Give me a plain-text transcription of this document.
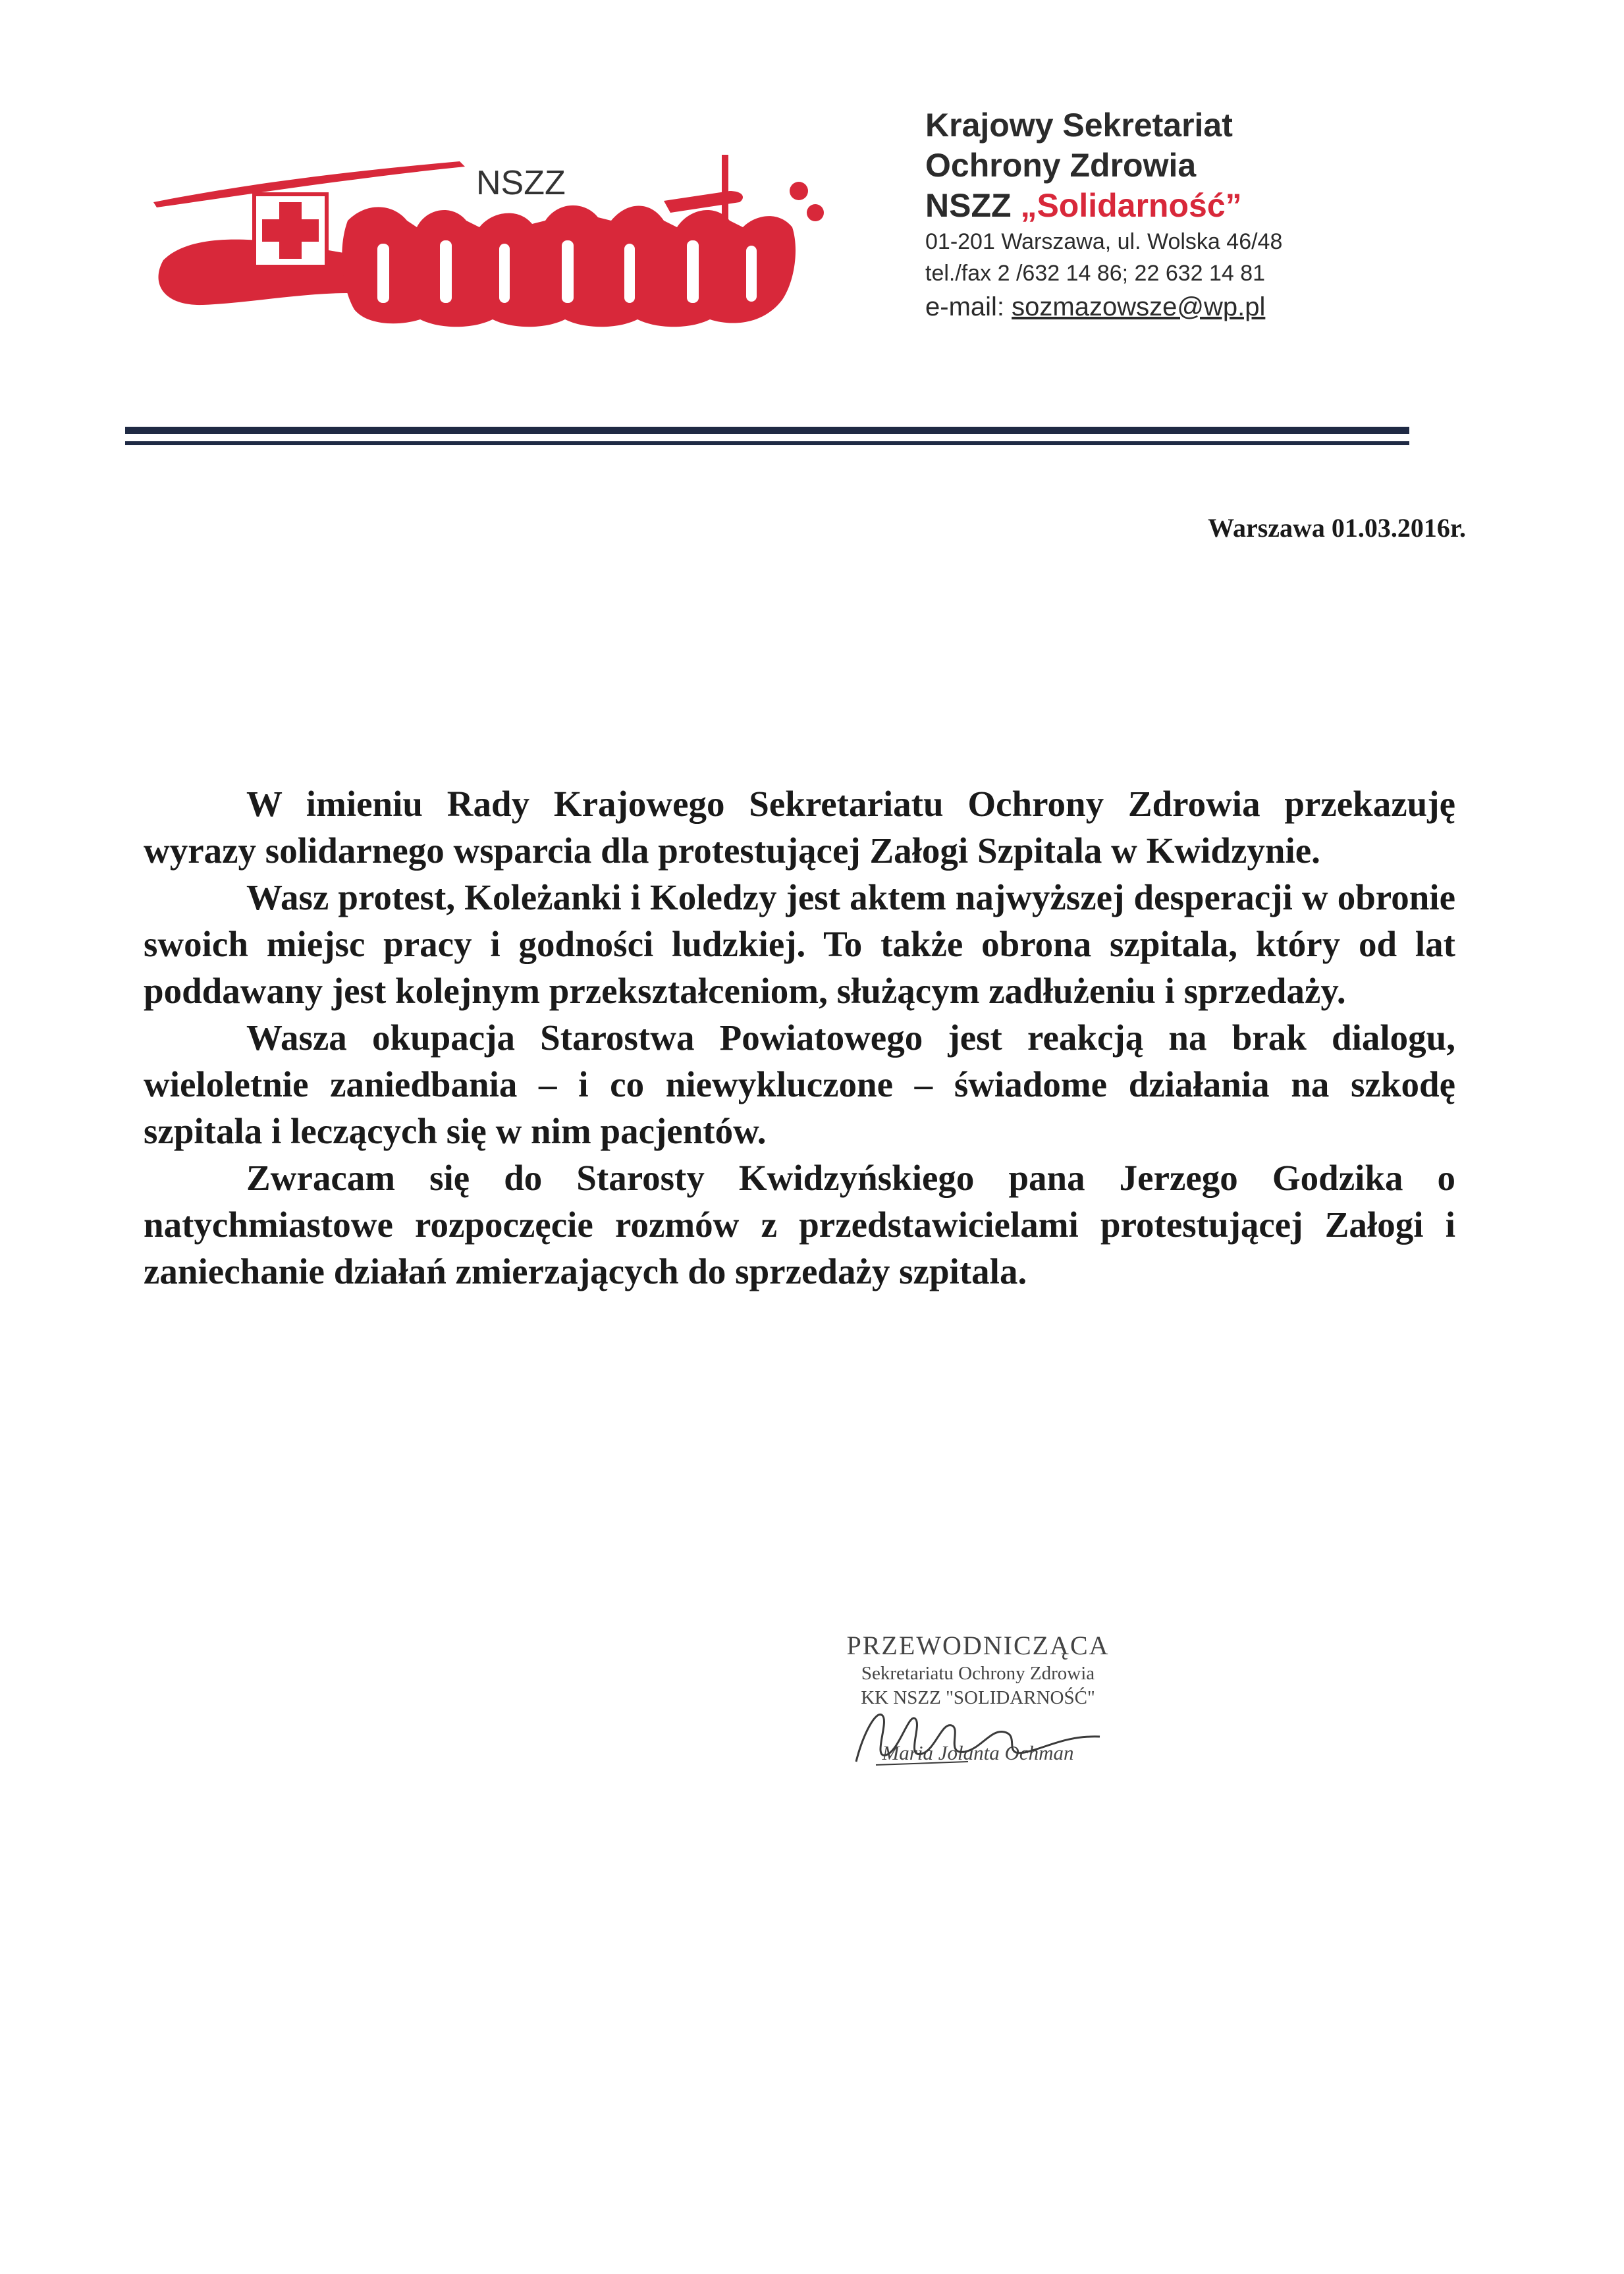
NSZZ
Krajowy Sekretariat
Ochrony Zdrowia
NSZZ „Solidarność”
01-201 Warszawa, ul. Wolska 46/48
tel./fax 2 /632 14 86; 22 632 14 81
e-mail: sozmazowsze@wp.pl
Warszawa 01.03.2016r.

W imieniu Rady Krajowego Sekretariatu Ochrony Zdrowia przekazuję wyrazy solidarnego wsparcia dla protestującej Załogi Szpitala w Kwidzynie.

Wasz protest, Koleżanki i Koledzy jest aktem najwyższej desperacji w obronie swoich miejsc pracy i godności ludzkiej. To także obrona szpitala, który od lat poddawany jest kolejnym przekształceniom, służącym zadłużeniu i sprzedaży.

Wasza okupacja Starostwa Powiatowego jest reakcją na brak dialogu, wieloletnie zaniedbania – i co niewykluczone – świadome działania na szkodę szpitala i leczących się w nim pacjentów.

Zwracam się do Starosty Kwidzyńskiego pana Jerzego Godzika o natychmiastowe rozpoczęcie rozmów z przedstawicielami protestującej Załogi i zaniechanie działań zmierzających do sprzedaży szpitala.

PRZEWODNICZĄCA
Sekretariatu Ochrony Zdrowia
KK NSZZ "SOLIDARNOŚĆ"
Maria Jolanta Ochman
